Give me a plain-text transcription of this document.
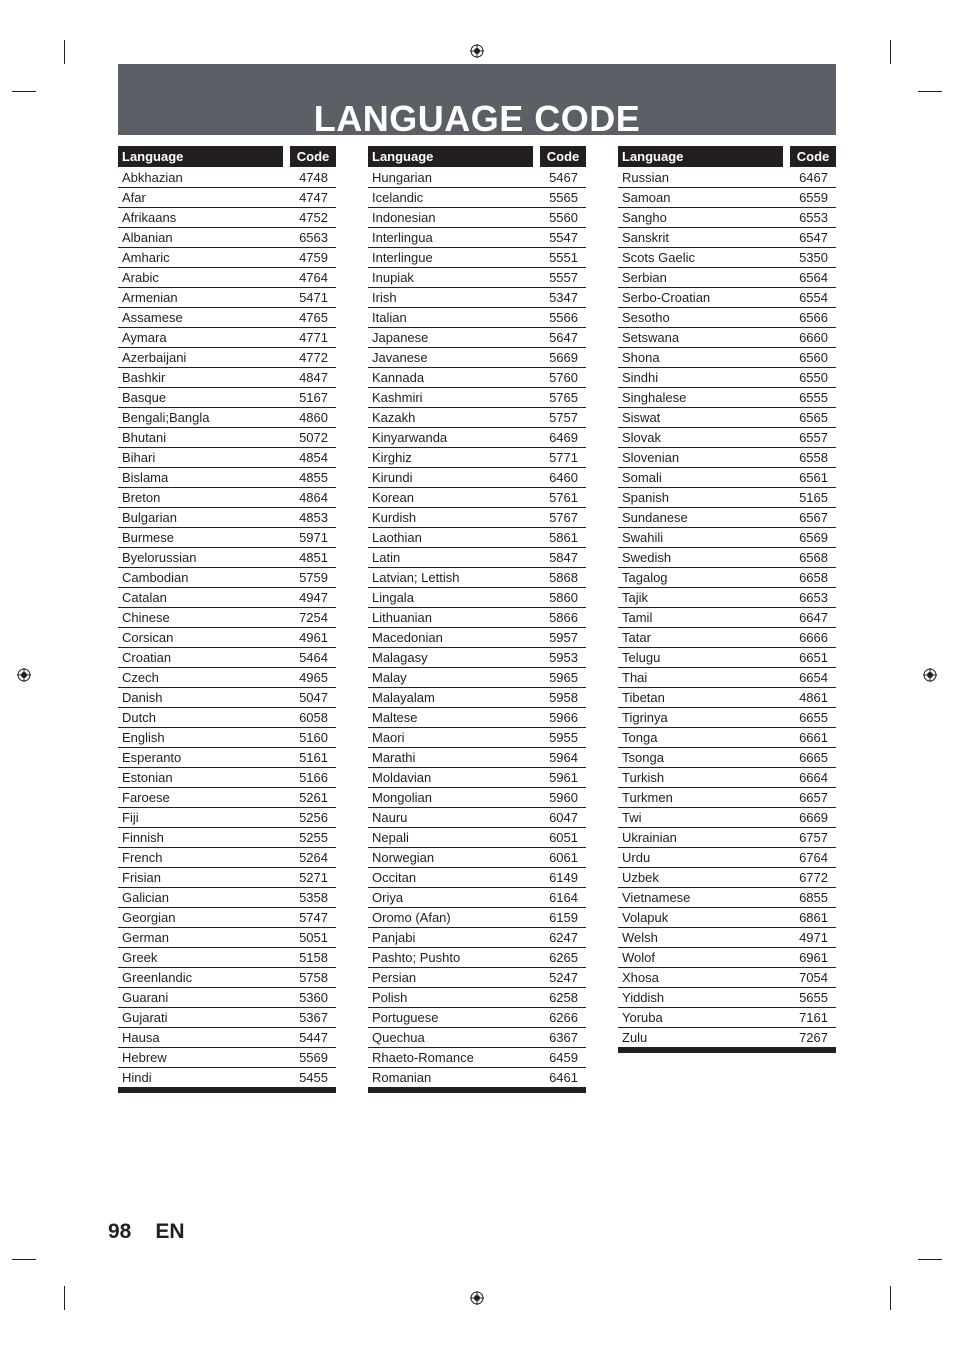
LANGUAGE CODE
Language	Code
Abkhazian	4748
Afar	4747
Afrikaans	4752
Albanian	6563
Amharic	4759
Arabic	4764
Armenian	5471
Assamese	4765
Aymara	4771
Azerbaijani	4772
Bashkir	4847
Basque	5167
Bengali;Bangla	4860
Bhutani	5072
Bihari	4854
Bislama	4855
Breton	4864
Bulgarian	4853
Burmese	5971
Byelorussian	4851
Cambodian	5759
Catalan	4947
Chinese	7254
Corsican	4961
Croatian	5464
Czech	4965
Danish	5047
Dutch	6058
English	5160
Esperanto	5161
Estonian	5166
Faroese	5261
Fiji	5256
Finnish	5255
French	5264
Frisian	5271
Galician	5358
Georgian	5747
German	5051
Greek	5158
Greenlandic	5758
Guarani	5360
Gujarati	5367
Hausa	5447
Hebrew	5569
Hindi	5455
Language	Code
Hungarian	5467
Icelandic	5565
Indonesian	5560
Interlingua	5547
Interlingue	5551
Inupiak	5557
Irish	5347
Italian	5566
Japanese	5647
Javanese	5669
Kannada	5760
Kashmiri	5765
Kazakh	5757
Kinyarwanda	6469
Kirghiz	5771
Kirundi	6460
Korean	5761
Kurdish	5767
Laothian	5861
Latin	5847
Latvian; Lettish	5868
Lingala	5860
Lithuanian	5866
Macedonian	5957
Malagasy	5953
Malay	5965
Malayalam	5958
Maltese	5966
Maori	5955
Marathi	5964
Moldavian	5961
Mongolian	5960
Nauru	6047
Nepali	6051
Norwegian	6061
Occitan	6149
Oriya	6164
Oromo (Afan)	6159
Panjabi	6247
Pashto; Pushto	6265
Persian	5247
Polish	6258
Portuguese	6266
Quechua	6367
Rhaeto-Romance	6459
Romanian	6461
Language	Code
Russian	6467
Samoan	6559
Sangho	6553
Sanskrit	6547
Scots Gaelic	5350
Serbian	6564
Serbo-Croatian	6554
Sesotho	6566
Setswana	6660
Shona	6560
Sindhi	6550
Singhalese	6555
Siswat	6565
Slovak	6557
Slovenian	6558
Somali	6561
Spanish	5165
Sundanese	6567
Swahili	6569
Swedish	6568
Tagalog	6658
Tajik	6653
Tamil	6647
Tatar	6666
Telugu	6651
Thai	6654
Tibetan	4861
Tigrinya	6655
Tonga	6661
Tsonga	6665
Turkish	6664
Turkmen	6657
Twi	6669
Ukrainian	6757
Urdu	6764
Uzbek	6772
Vietnamese	6855
Volapuk	6861
Welsh	4971
Wolof	6961
Xhosa	7054
Yiddish	5655
Yoruba	7161
Zulu	7267
98 EN
